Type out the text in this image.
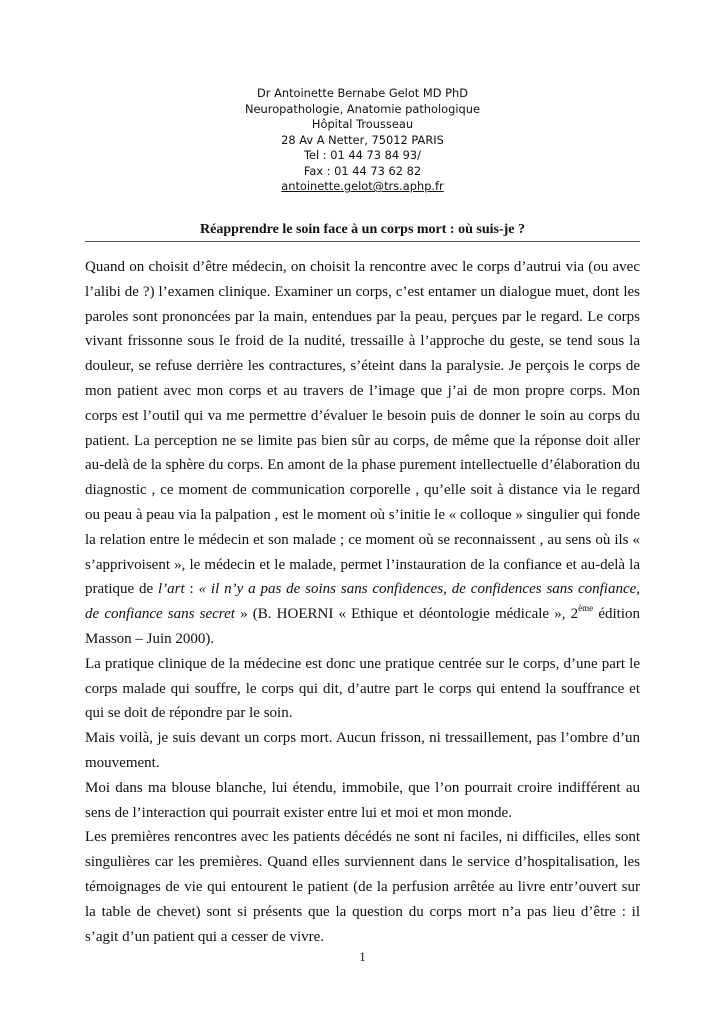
Dr Antoinette Bernabe Gelot MD PhD
Neuropathologie, Anatomie pathologique
Hôpital Trousseau
28 Av A Netter, 75012 PARIS
Tel : 01 44 73 84 93/
Fax : 01 44 73 62 82
antoinette.gelot@trs.aphp.fr
Réapprendre le soin face à un corps mort : où suis-je ?

Quand on choisit d’être médecin, on choisit la rencontre avec le corps d’autrui via (ou avec l’alibi de ?) l’examen clinique. Examiner un corps, c’est entamer un dialogue muet, dont les paroles sont prononcées par la main, entendues par la peau, perçues par le regard. Le corps vivant frissonne sous le froid de la nudité, tressaille à l’approche du geste, se tend sous la douleur, se refuse derrière les contractures, s’éteint dans la paralysie. Je perçois le corps de mon patient avec mon corps et au travers de l’image que j’ai de mon propre corps. Mon corps est l’outil qui va me permettre d’évaluer le besoin puis de donner le soin au corps du patient. La perception ne se limite pas bien sûr au corps, de même que la réponse doit aller au-delà de la sphère du corps. En amont de la phase purement intellectuelle d’élaboration du diagnostic , ce moment de communication corporelle , qu’elle soit à distance via le regard ou peau à peau via la palpation , est le moment où s’initie le « colloque » singulier qui fonde la relation entre le médecin et son malade ; ce moment où se reconnaissent , au sens où ils « s’apprivoisent », le médecin et le malade, permet l’instauration de la confiance et au-delà la pratique de l’art : « il n’y a pas de soins sans confidences, de confidences sans confiance, de confiance sans secret » (B. HOERNI « Ethique et déontologie médicale », 2ème édition Masson – Juin 2000).

La pratique clinique de la médecine est donc une pratique centrée sur le corps, d’une part le corps malade qui souffre, le corps qui dit, d’autre part le corps qui entend la souffrance et qui se doit de répondre par le soin.

Mais voilà, je suis devant un corps mort. Aucun frisson, ni tressaillement, pas l’ombre d’un mouvement.

Moi dans ma blouse blanche, lui étendu, immobile, que l’on pourrait croire indifférent au sens de l’interaction qui pourrait exister entre lui et moi et mon monde.

Les premières rencontres avec les patients décédés ne sont ni faciles, ni difficiles, elles sont singulières car les premières. Quand elles surviennent dans le service d’hospitalisation, les témoignages de vie qui entourent le patient (de la perfusion arrêtée au livre entr’ouvert sur la table de chevet) sont si présents que la question du corps mort n’a pas lieu d’être : il s’agit d’un patient qui a cesser de vivre.

1
